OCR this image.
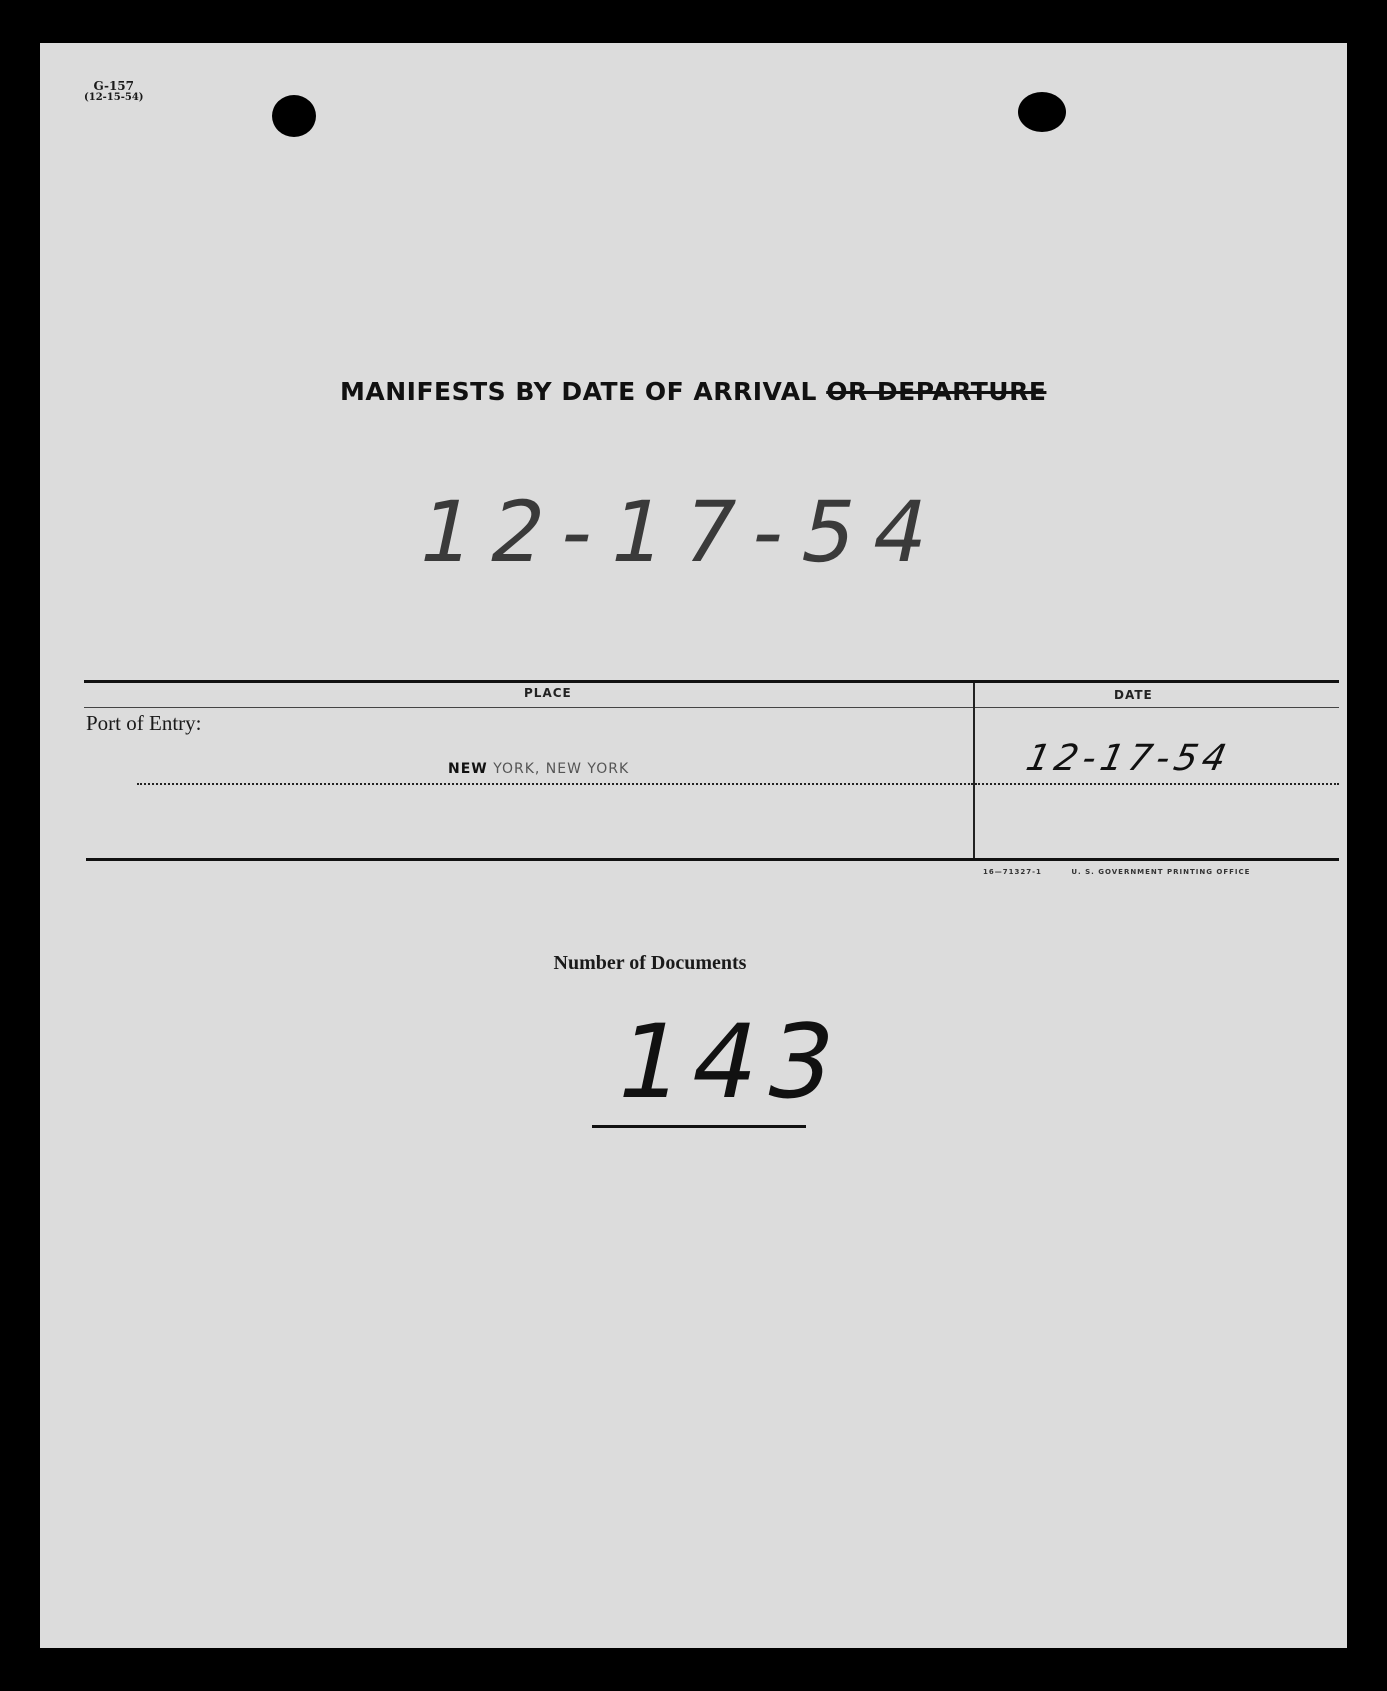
G-157
(12-15-54)
MANIFESTS BY DATE OF ARRIVAL OR DEPARTURE
12-17-54
PLACE	DATE
Port of Entry:
NEW YORK, NEW YORK	12-17-54
16—71327-1	U. S. GOVERNMENT PRINTING OFFICE
Number of Documents
143
